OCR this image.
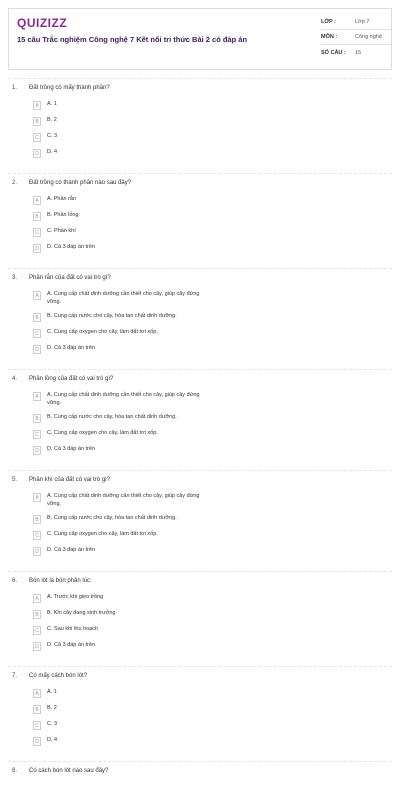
QUIZIZZ
15 câu Trắc nghiệm Công nghệ 7 Kết nối tri thức Bài 2 có đáp án
LỚP :	Lớp 7
MÔN :	Công nghệ
SỐ CÂU :	15
1.	Đất trồng có mấy thành phần?
A	A. 1
B	B. 2
C	C. 3
D	D. 4
2.	Đất trồng có thành phần nào sau đây?
A	A. Phần rắn
B	B. Phần lỏng
C	C. Phần khí
D	D. Cả 3 đáp án trên
3.	Phần rắn của đất có vai trò gì?
A	A. Cung cấp chất dinh dưỡng cần thiết cho cây, giúp cây đứng vững.
B	B. Cung cấp nước cho cây, hòa tan chất dinh dưỡng.
C	C. Cung cấp oxygen cho cây, làm đất tơi xốp.
D	D. Cả 3 đáp án trên
4.	Phần lỏng của đất có vai trò gì?
A	A. Cung cấp chất dinh dưỡng cần thiết cho cây, giúp cây đứng vững.
B	B. Cung cấp nước cho cây, hòa tan chất dinh dưỡng.
C	C. Cung cấp oxygen cho cây, làm đất tơi xốp.
D	D. Cả 3 đáp án trên
5.	Phần khí của đất có vai trò gì?
A	A. Cung cấp chất dinh dưỡng cần thiết cho cây, giúp cây đứng vững.
B	B. Cung cấp nước cho cây, hòa tan chất dinh dưỡng.
C	C. Cung cấp oxygen cho cây, làm đất tơi xốp.
D	D. Cả 3 đáp án trên
6.	Bón lót là bón phân lúc:
A	A. Trước khi gieo trồng
B	B. Khi cây đang sinh trưởng
C	C. Sau khi thu hoạch
D	D. Cả 3 đáp án trên
7.	Có mấy cách bón lót?
A	A. 1
B	B. 2
C	C. 3
D	D. 4
8.	Có cách bón lót nào sau đây?
